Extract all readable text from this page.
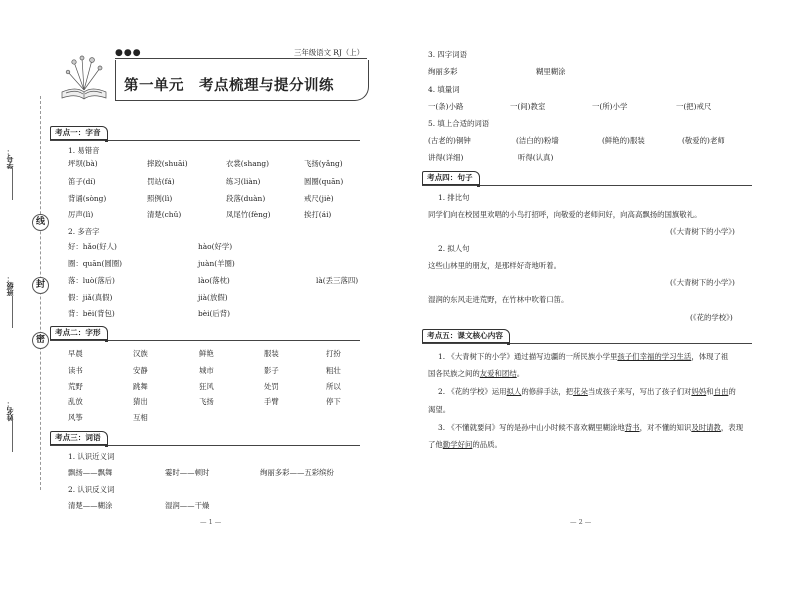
学号：
班级：
姓名：
线
封
密
●●●	三年级语文 RJ（上）
第一单元　考点梳理与提分训练
考点一：字音
1. 易错音
坪坝(bà)	摔跤(shuāi)	衣裳(shang)	飞扬(yǎng)
笛子(dí)	罚站(fá)	练习(liàn)	圆圈(quān)
背诵(sòng)	照例(lì)	段落(duàn)	戒尺(jiè)
厉声(lì)	清楚(chǔ)	凤尾竹(fèng)	挨打(ái)
2. 多音字
好：hǎo(好人)	hào(好学)
圈：quān(圆圈)	juàn(羊圈)
落：luò(落后)	lào(落枕)	là(丢三落四)
假：jiǎ(真假)	jià(放假)
背：bēi(背包)	bèi(后背)
考点二：字形
早晨	汉族	鲜艳	服装	打扮
读书	安静	城市	影子	粗壮
荒野	跳舞	狂风	处罚	所以
乱放	猜出	飞扬	手臂	停下
风筝	互相
考点三：词语
1. 认识近义词
飘扬——飘舞	霎时——顿时	绚丽多彩——五彩缤纷
2. 认识反义词
清楚——糊涂	湿润——干燥
— 1 —
3. 四字词语
绚丽多彩	糊里糊涂
4. 填量词
一(条)小路	一(间)教室	一(所)小学	一(把)戒尺
5. 填上合适的词语
(古老的)铜钟	(洁白的)粉墙	(鲜艳的)服装	(敬爱的)老师
讲得(详细)	听得(认真)
考点四：句子
1. 排比句
同学们向在校园里欢唱的小鸟打招呼，向敬爱的老师问好，向高高飘扬的国旗敬礼。
(《大青树下的小学》)
2. 拟人句
这些山林里的朋友，是那样好奇地听着。
(《大青树下的小学》)
湿润的东风走进荒野，在竹林中吹着口笛。
(《花的学校》)
考点五：课文核心内容
1. 《大青树下的小学》通过描写边疆的一所民族小学里孩子们幸福的学习生活，体现了祖
国各民族之间的友爱和团结。
2. 《花的学校》运用拟人的修辞手法，把花朵当成孩子来写，写出了孩子们对妈妈和自由的
渴望。
3. 《不懂就要问》写的是孙中山小时候不喜欢糊里糊涂地背书，对不懂的知识及时请教，表现
了他勤学好问的品质。
— 2 —
